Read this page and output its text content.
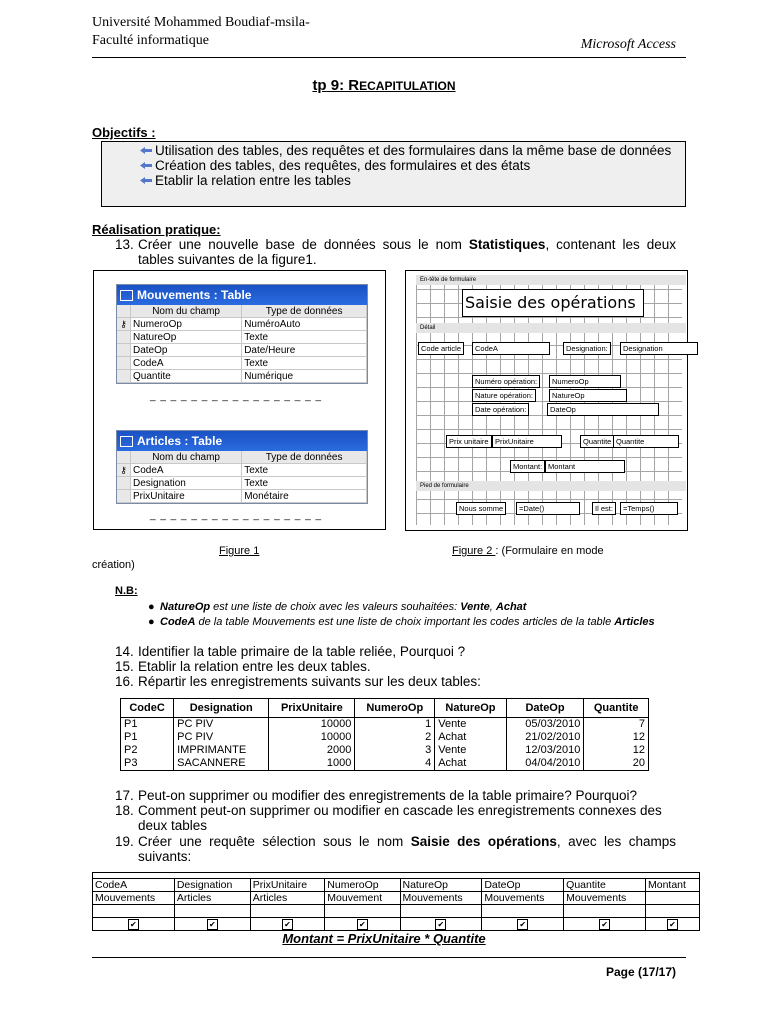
Université Mohammed Boudiaf-msila-
Faculté informatique	Microsoft Access
tp 9: RECAPITULATION
Objectifs :
Utilisation des tables, des requêtes et des formulaires dans la même base de données
Création des tables, des requêtes, des formulaires et des états
Etablir la relation entre les tables
Réalisation pratique:
13. Créer une nouvelle base de données sous le nom Statistiques, contenant les deux tables suivantes de la figure1.
Mouvements : Table
	Nom du champ	Type de données
⚷	NumeroOp	NuméroAuto
	NatureOp	Texte
	DateOp	Date/Heure
	CodeA	Texte
	Quantite	Numérique
_ _ _ _ _ _ _ _ _ _ _ _ _ _ _ _ _
Articles : Table
	Nom du champ	Type de données
⚷	CodeA	Texte
	Designation	Texte
	PrixUnitaire	Monétaire
_ _ _ _ _ _ _ _ _ _ _ _ _ _ _ _ _
En-tête de formulaire
Saisie des opérations
Détail
Code article	CodeA	Designation:	Designation
Numéro opération:	NumeroOp
Nature opération:	NatureOp
Date opération:	DateOp
Prix unitaire PrixUnitaire	Quantite Quantite
Montant: Montant
Pied de formulaire
Nous somme	=Date()	Il est:	=Temps()
Figure 1	Figure 2 : (Formulaire en mode
création)
N.B:
● NatureOp est une liste de choix avec les valeurs souhaitées: Vente, Achat
● CodeA de la table Mouvements est une liste de choix important les codes articles de la table Articles
14. Identifier la table primaire de la table reliée, Pourquoi ?
15. Etablir la relation entre les deux tables.
16. Répartir les enregistrements suivants sur les deux tables:
CodeC	Designation	PrixUnitaire	NumeroOp	NatureOp	DateOp	Quantite
P1	PC PIV	10000	1	Vente	05/03/2010	7
P1	PC PIV	10000	2	Achat	21/02/2010	12
P2	IMPRIMANTE	2000	3	Vente	12/03/2010	12
P3	SACANNERE	1000	4	Achat	04/04/2010	20
17. Peut-on supprimer ou modifier des enregistrements de la table primaire? Pourquoi?
18. Comment peut-on supprimer ou modifier en cascade les enregistrements connexes des deux tables
19. Créer une requête sélection sous le nom Saisie des opérations, avec les champs suivants:

CodeA	Designation	PrixUnitaire	NumeroOp	NatureOp	DateOp	Quantite	Montant
Mouvements	Articles	Articles	Mouvement	Mouvements	Mouvements	Mouvements	

✔	✔	✔	✔	✔	✔	✔	✔
Montant = PrixUnitaire * Quantite
Page (17/17)
